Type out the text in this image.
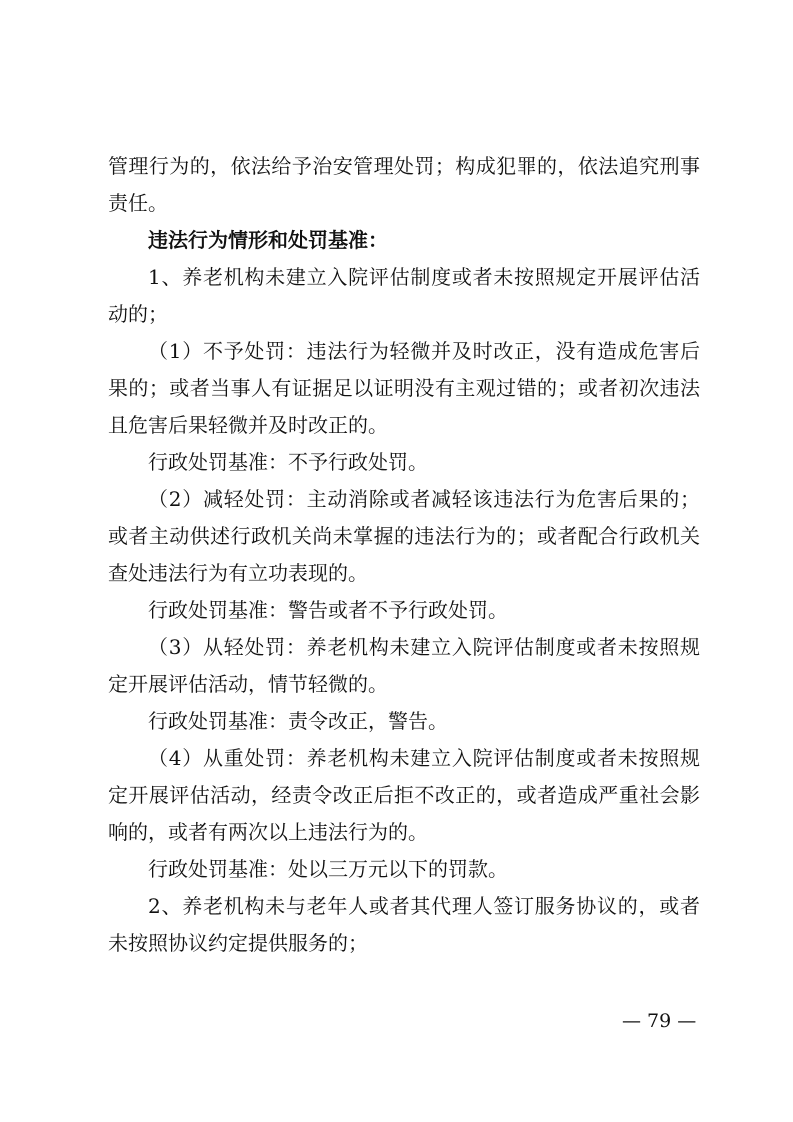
管理行为的，依法给予治安管理处罚；构成犯罪的，依法追究刑事责任。

违法行为情形和处罚基准：

1、养老机构未建立入院评估制度或者未按照规定开展评估活动的；

（1）不予处罚：违法行为轻微并及时改正，没有造成危害后果的；或者当事人有证据足以证明没有主观过错的；或者初次违法且危害后果轻微并及时改正的。

行政处罚基准：不予行政处罚。

（2）减轻处罚：主动消除或者减轻该违法行为危害后果的；或者主动供述行政机关尚未掌握的违法行为的；或者配合行政机关查处违法行为有立功表现的。

行政处罚基准：警告或者不予行政处罚。

（3）从轻处罚：养老机构未建立入院评估制度或者未按照规定开展评估活动，情节轻微的。

行政处罚基准：责令改正，警告。

（4）从重处罚：养老机构未建立入院评估制度或者未按照规定开展评估活动，经责令改正后拒不改正的，或者造成严重社会影响的，或者有两次以上违法行为的。

行政处罚基准：处以三万元以下的罚款。

2、养老机构未与老年人或者其代理人签订服务协议的，或者未按照协议约定提供服务的；

— 79 —
